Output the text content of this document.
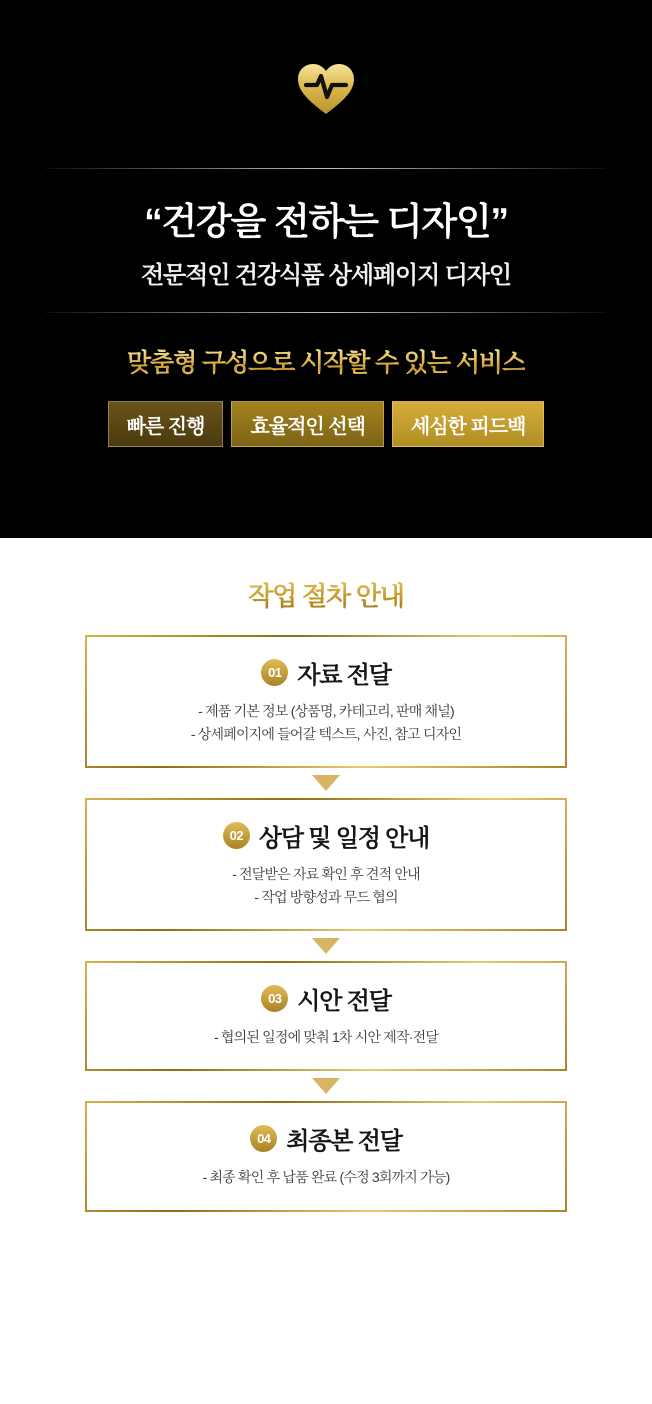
“건강을 전하는 디자인”
전문적인 건강식품 상세페이지 디자인
맞춤형 구성으로 시작할 수 있는 서비스
빠른 진행	효율적인 선택	세심한 피드백
작업 절차 안내
01 자료 전달
- 제품 기본 정보 (상품명, 카테고리, 판매 채널)
- 상세페이지에 들어갈 텍스트, 사진, 참고 디자인
02 상담 및 일정 안내
- 전달받은 자료 확인 후 견적 안내
- 작업 방향성과 무드 협의
03 시안 전달
- 협의된 일정에 맞춰 1차 시안 제작·전달
04 최종본 전달
- 최종 확인 후 납품 완료 (수정 3회까지 가능)
